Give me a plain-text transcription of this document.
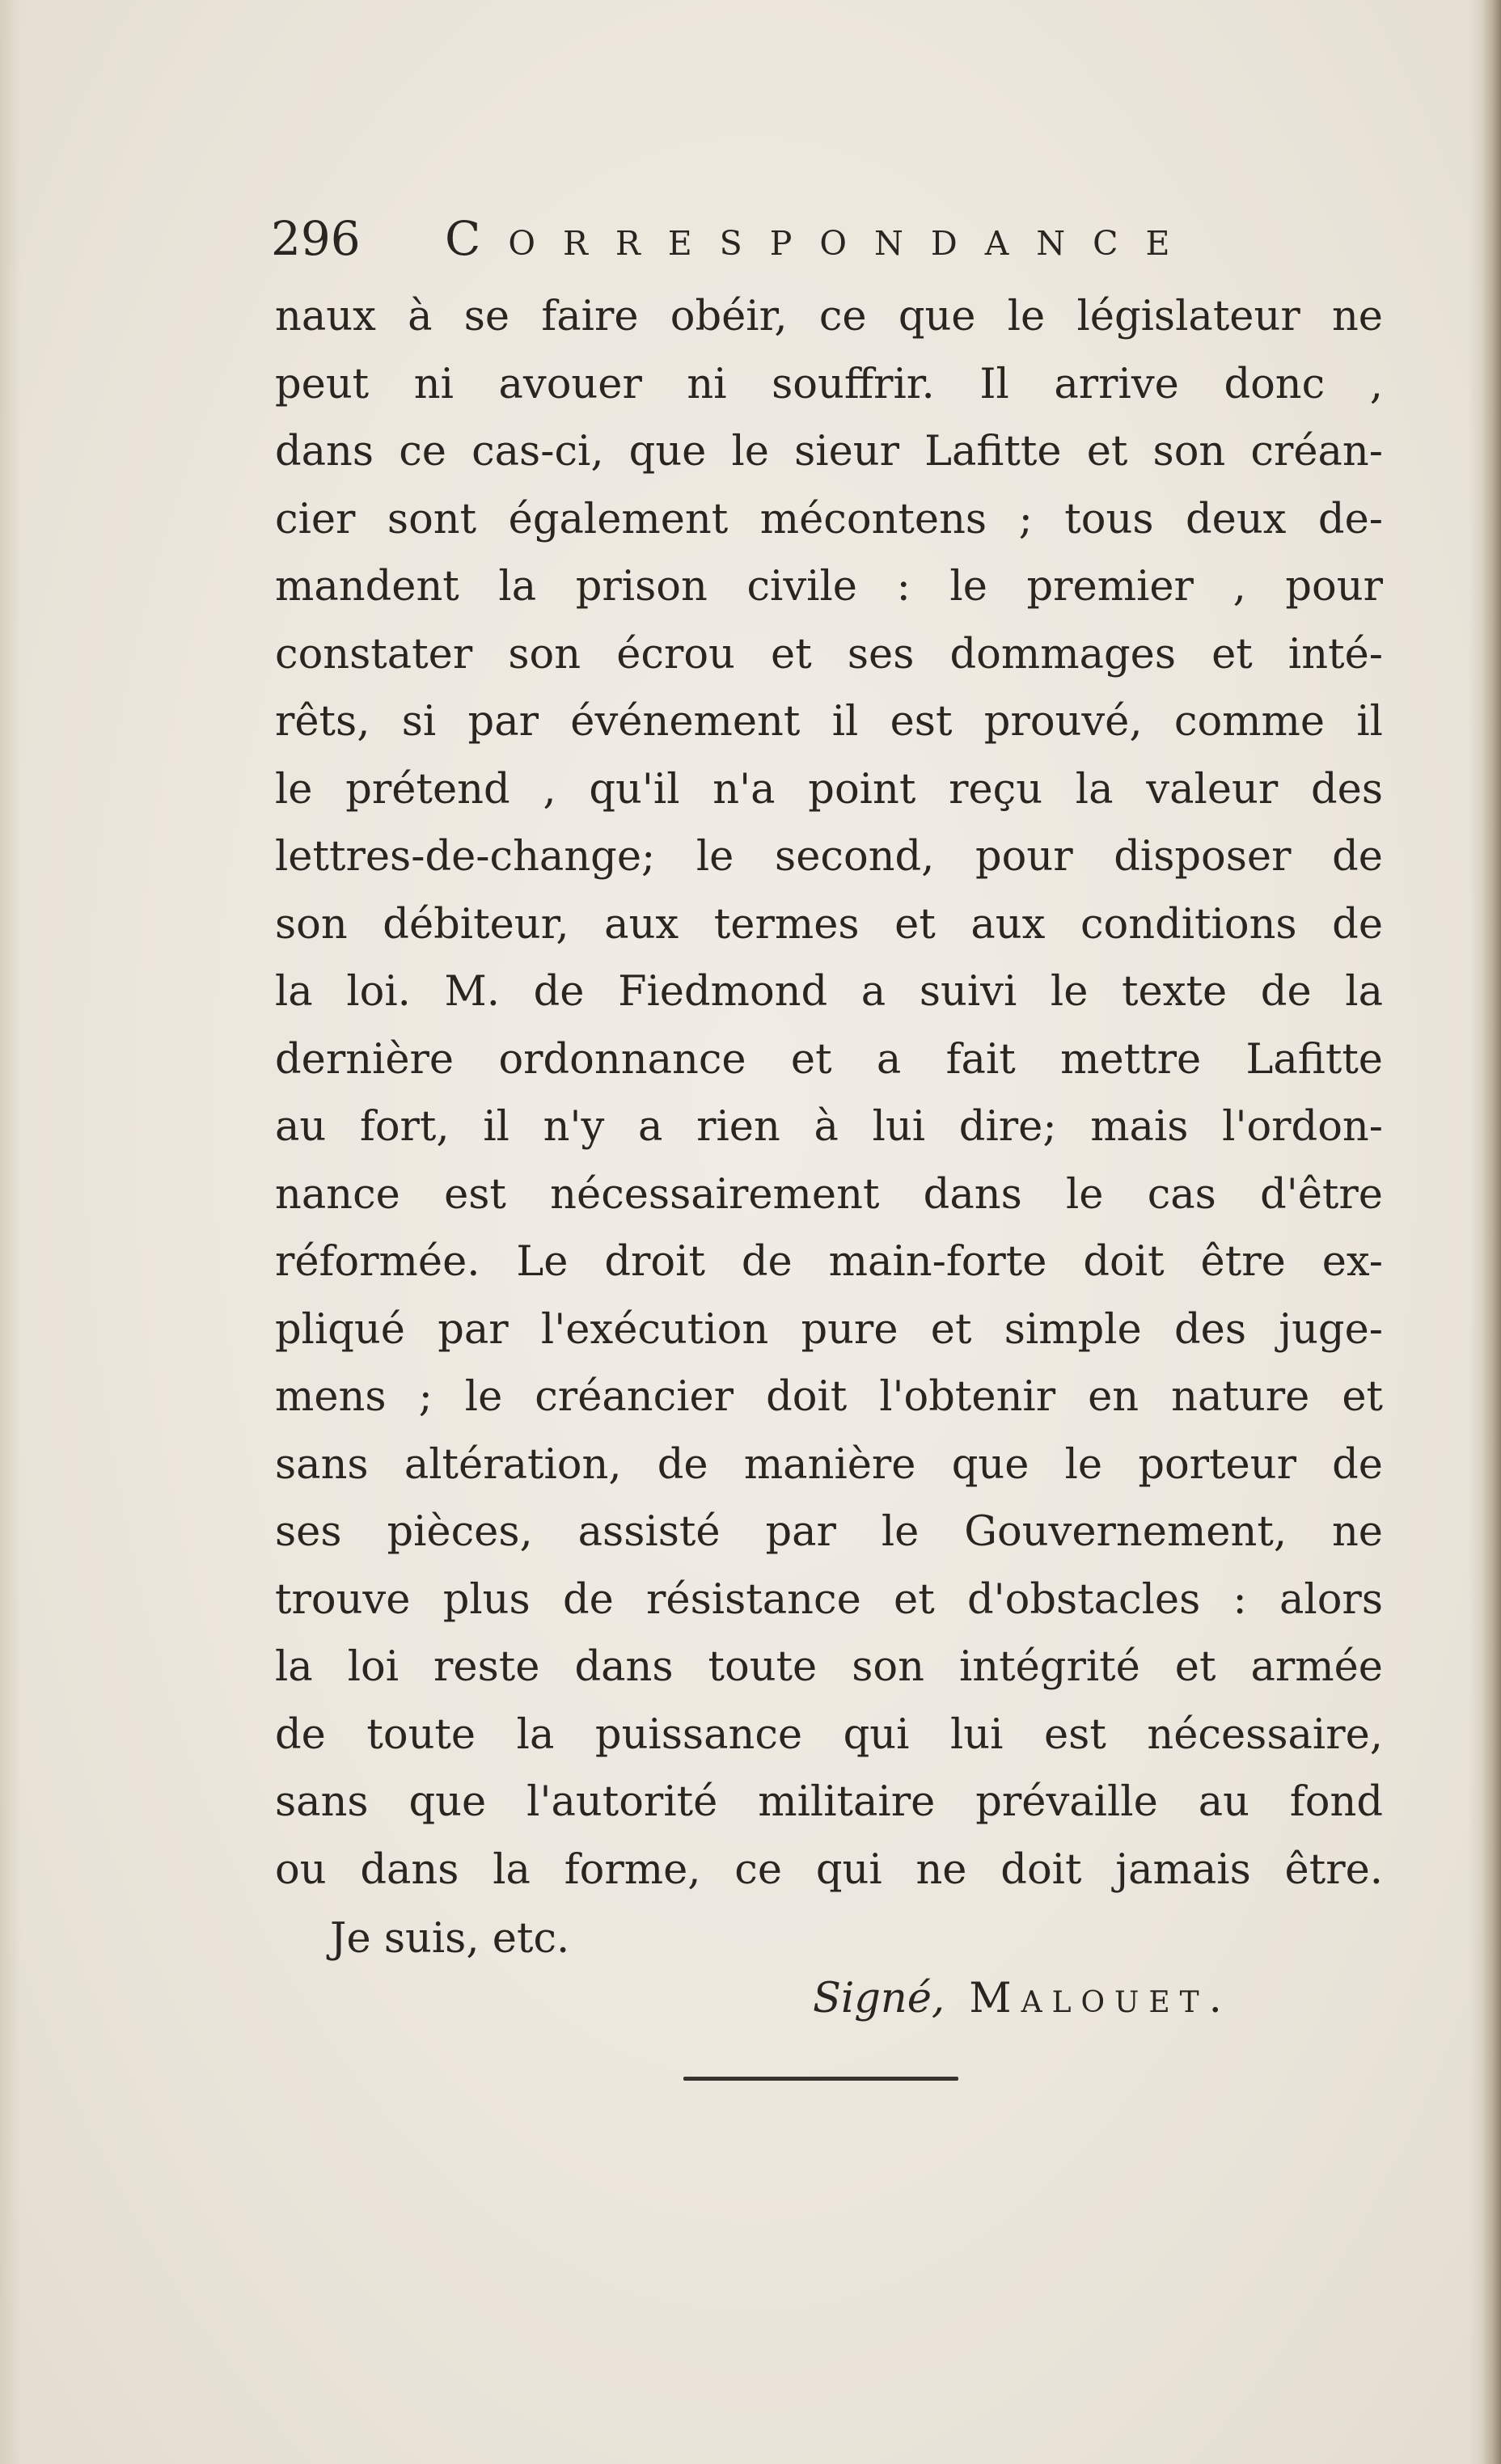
296 Correspondance
naux à se faire obéir, ce que le législateur ne
peut ni avouer ni souffrir. Il arrive donc ,
dans ce cas-ci, que le sieur Lafitte et son créan-
cier sont également mécontens ; tous deux de-
mandent la prison civile : le premier , pour
constater son écrou et ses dommages et inté-
rêts, si par événement il est prouvé, comme il
le prétend , qu'il n'a point reçu la valeur des
lettres-de-change; le second, pour disposer de
son débiteur, aux termes et aux conditions de
la loi. M. de Fiedmond a suivi le texte de la
dernière ordonnance et a fait mettre Lafitte
au fort, il n'y a rien à lui dire; mais l'ordon-
nance est nécessairement dans le cas d'être
réformée. Le droit de main-forte doit être ex-
pliqué par l'exécution pure et simple des juge-
mens ; le créancier doit l'obtenir en nature et
sans altération, de manière que le porteur de
ses pièces, assisté par le Gouvernement, ne
trouve plus de résistance et d'obstacles : alors
la loi reste dans toute son intégrité et armée
de toute la puissance qui lui est nécessaire,
sans que l'autorité militaire prévaille au fond
ou dans la forme, ce qui ne doit jamais être.
Je suis, etc.
Signé, Malouet.
